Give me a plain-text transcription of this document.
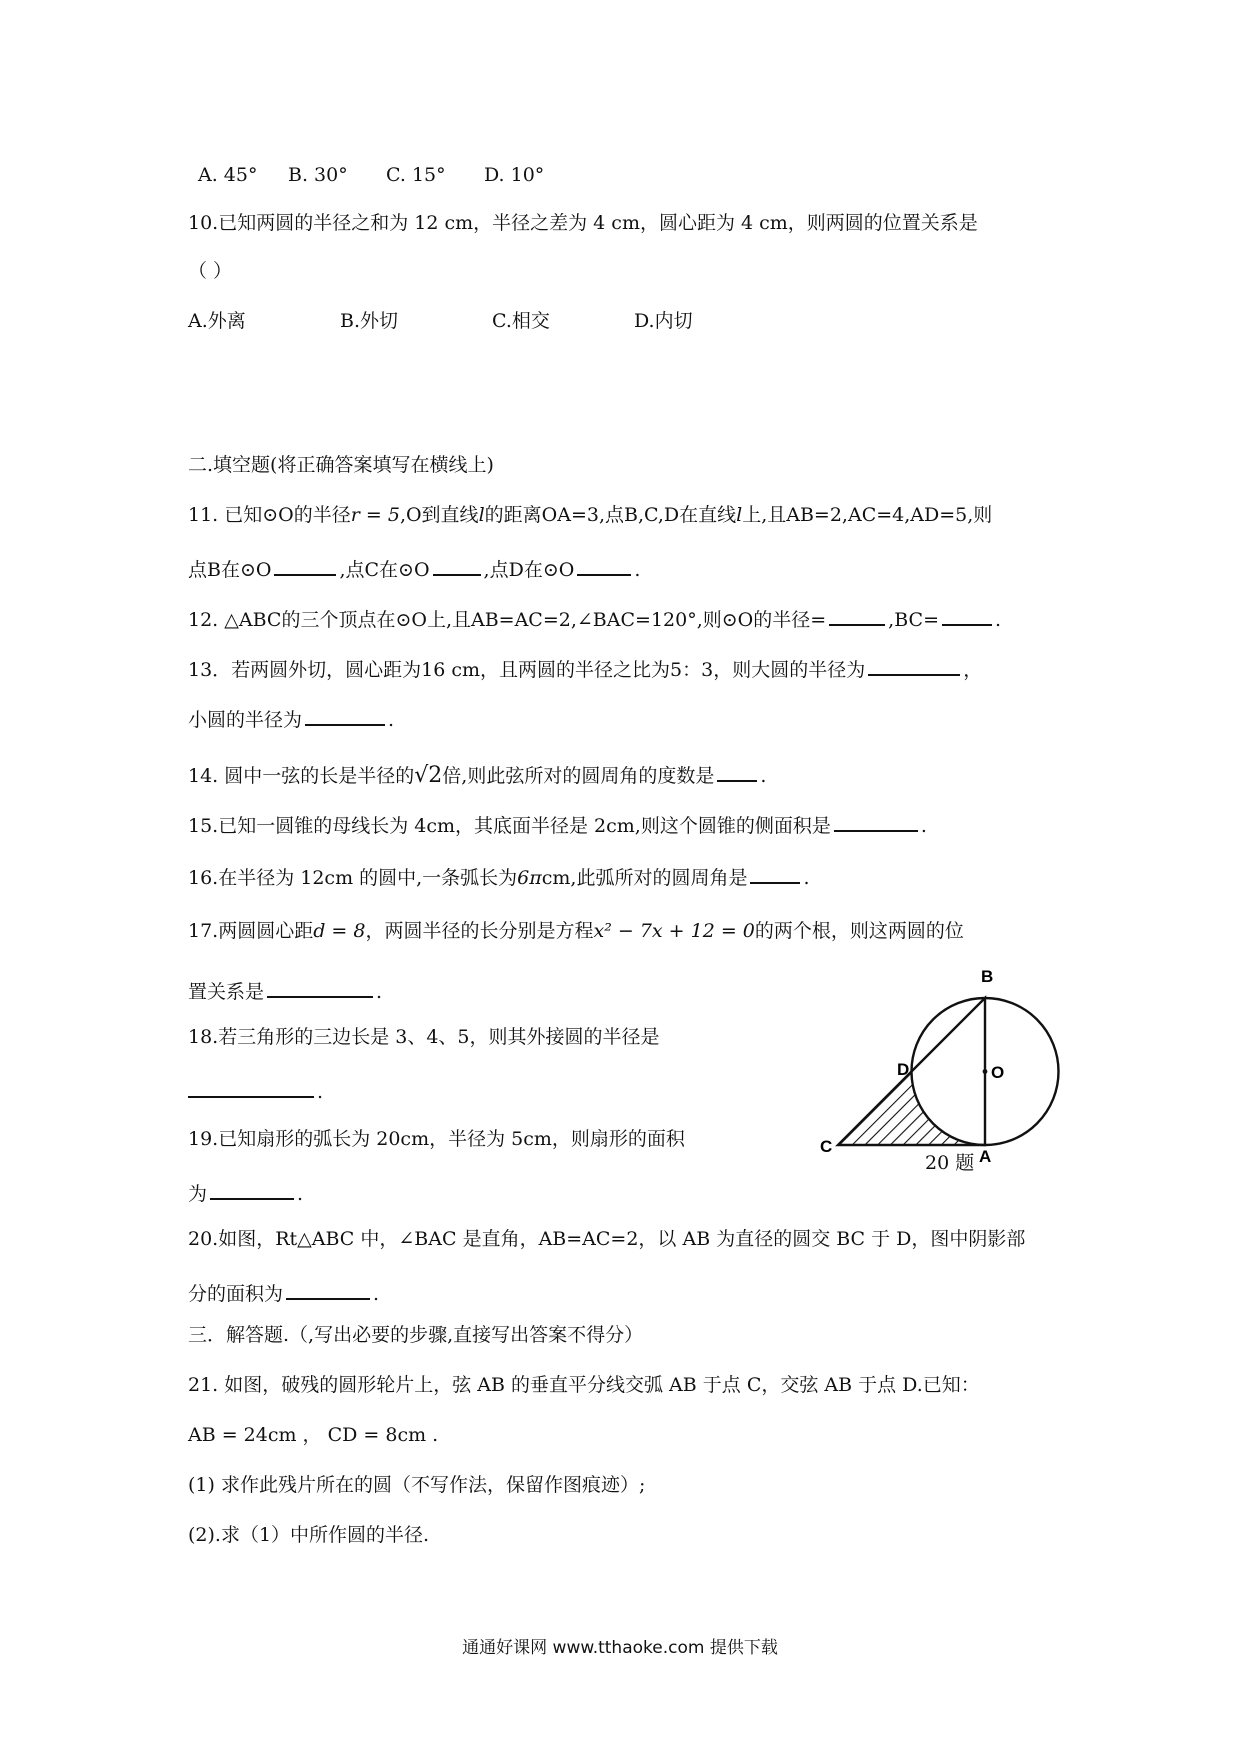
A. 45° B. 30° C. 15° D. 10°
10.已知两圆的半径之和为 12 cm，半径之差为 4 cm，圆心距为 4 cm，则两圆的位置关系是
（ ）
A.外离	B.外切	C.相交	D.内切
二.填空题(将正确答案填写在横线上)
11. 已知⊙O的半径r = 5,O到直线l的距离OA=3,点B,C,D在直线l上,且AB=2,AC=4,AD=5,则
点B在⊙O	,点C在⊙O	,点D在⊙O	.
12. △ABC的三个顶点在⊙O上,且AB=AC=2,∠BAC=120°,则⊙O的半径=	,BC=	.
13．若两圆外切，圆心距为16 cm，且两圆的半径之比为5：3，则大圆的半径为	，
小圆的半径为	.
14. 圆中一弦的长是半径的√2倍,则此弦所对的圆周角的度数是 .
15.已知一圆锥的母线长为 4cm，其底面半径是 2cm,则这个圆锥的侧面积是	.
16.在半径为 12cm 的圆中,一条弧长为6πcm,此弧所对的圆周角是	.
17.两圆圆心距d = 8，两圆半径的长分别是方程x² − 7x + 12 = 0的两个根，则这两圆的位
置关系是	.
18.若三角形的三边长是 3、4、5，则其外接圆的半径是
.
19.已知扇形的弧长为 20cm，半径为 5cm，则扇形的面积
为	.
B
D	O
C
A
20 题
20.如图，Rt△ABC 中，∠BAC 是直角，AB=AC=2，以 AB 为直径的圆交 BC 于 D，图中阴影部
分的面积为	.
三．解答题.（,写出必要的步骤,直接写出答案不得分）
21. 如图，破残的圆形轮片上，弦 AB 的垂直平分线交弧 AB 于点 C，交弦 AB 于点 D.已知：
AB = 24cm ， CD = 8cm .
(1) 求作此残片所在的圆（不写作法，保留作图痕迹）;
(2).求（1）中所作圆的半径.
通通好课网 www.tthaoke.com 提供下载
